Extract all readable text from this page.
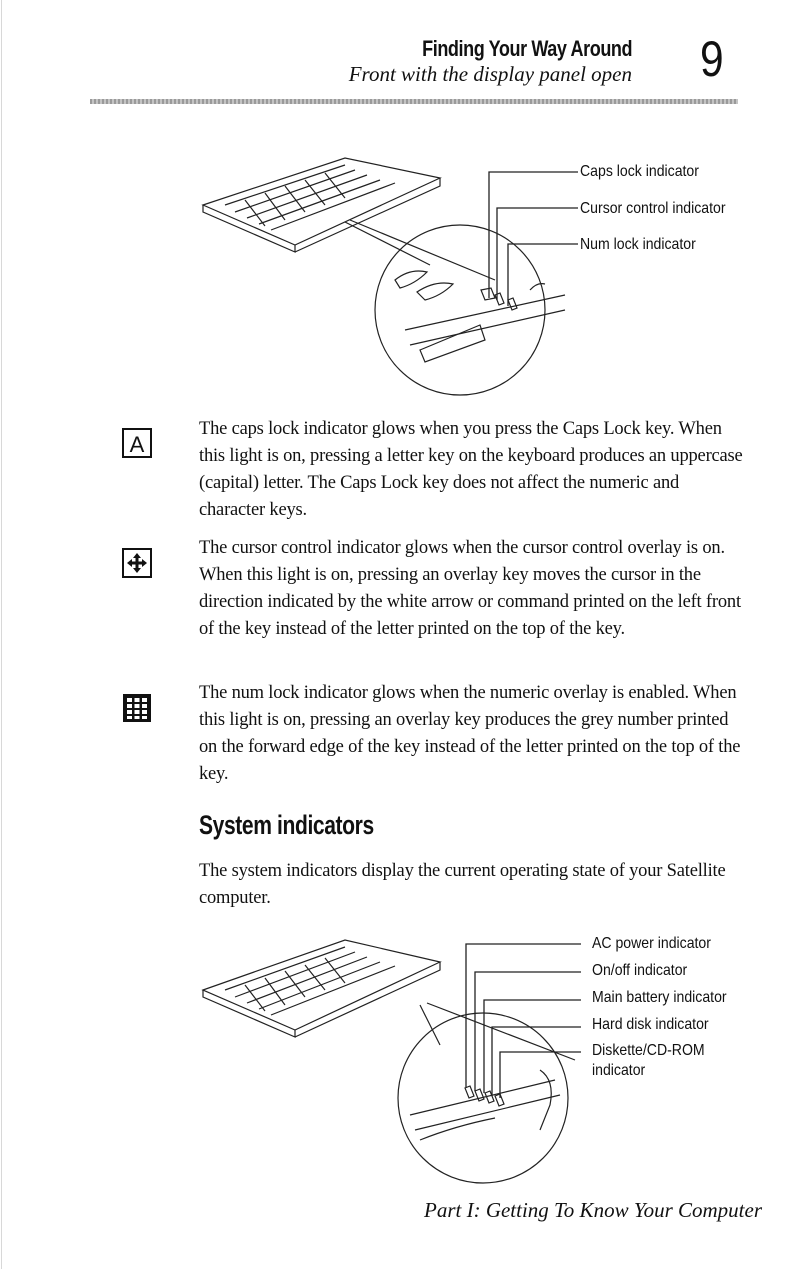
Finding Your Way Around
Front with the display panel open 9
Caps lock indicator
Cursor control indicator
Num lock indicator
A

The caps lock indicator glows when you press the Caps Lock key. When this light is on, pressing a letter key on the keyboard produces an uppercase (capital) letter. The Caps Lock key does not affect the numeric and character keys.

The cursor control indicator glows when the cursor control overlay is on. When this light is on, pressing an overlay key moves the cursor in the direction indicated by the white arrow or command printed on the left front of the key instead of the letter printed on the top of the key.

The num lock indicator glows when the numeric overlay is enabled. When this light is on, pressing an overlay key produces the grey number printed on the forward edge of the key instead of the letter printed on the top of the key.

System indicators

The system indicators display the current operating state of your Satellite computer.

AC power indicator
On/off indicator
Main battery indicator
Hard disk indicator
Diskette/CD-ROM
indicator
Part I: Getting To Know Your Computer
